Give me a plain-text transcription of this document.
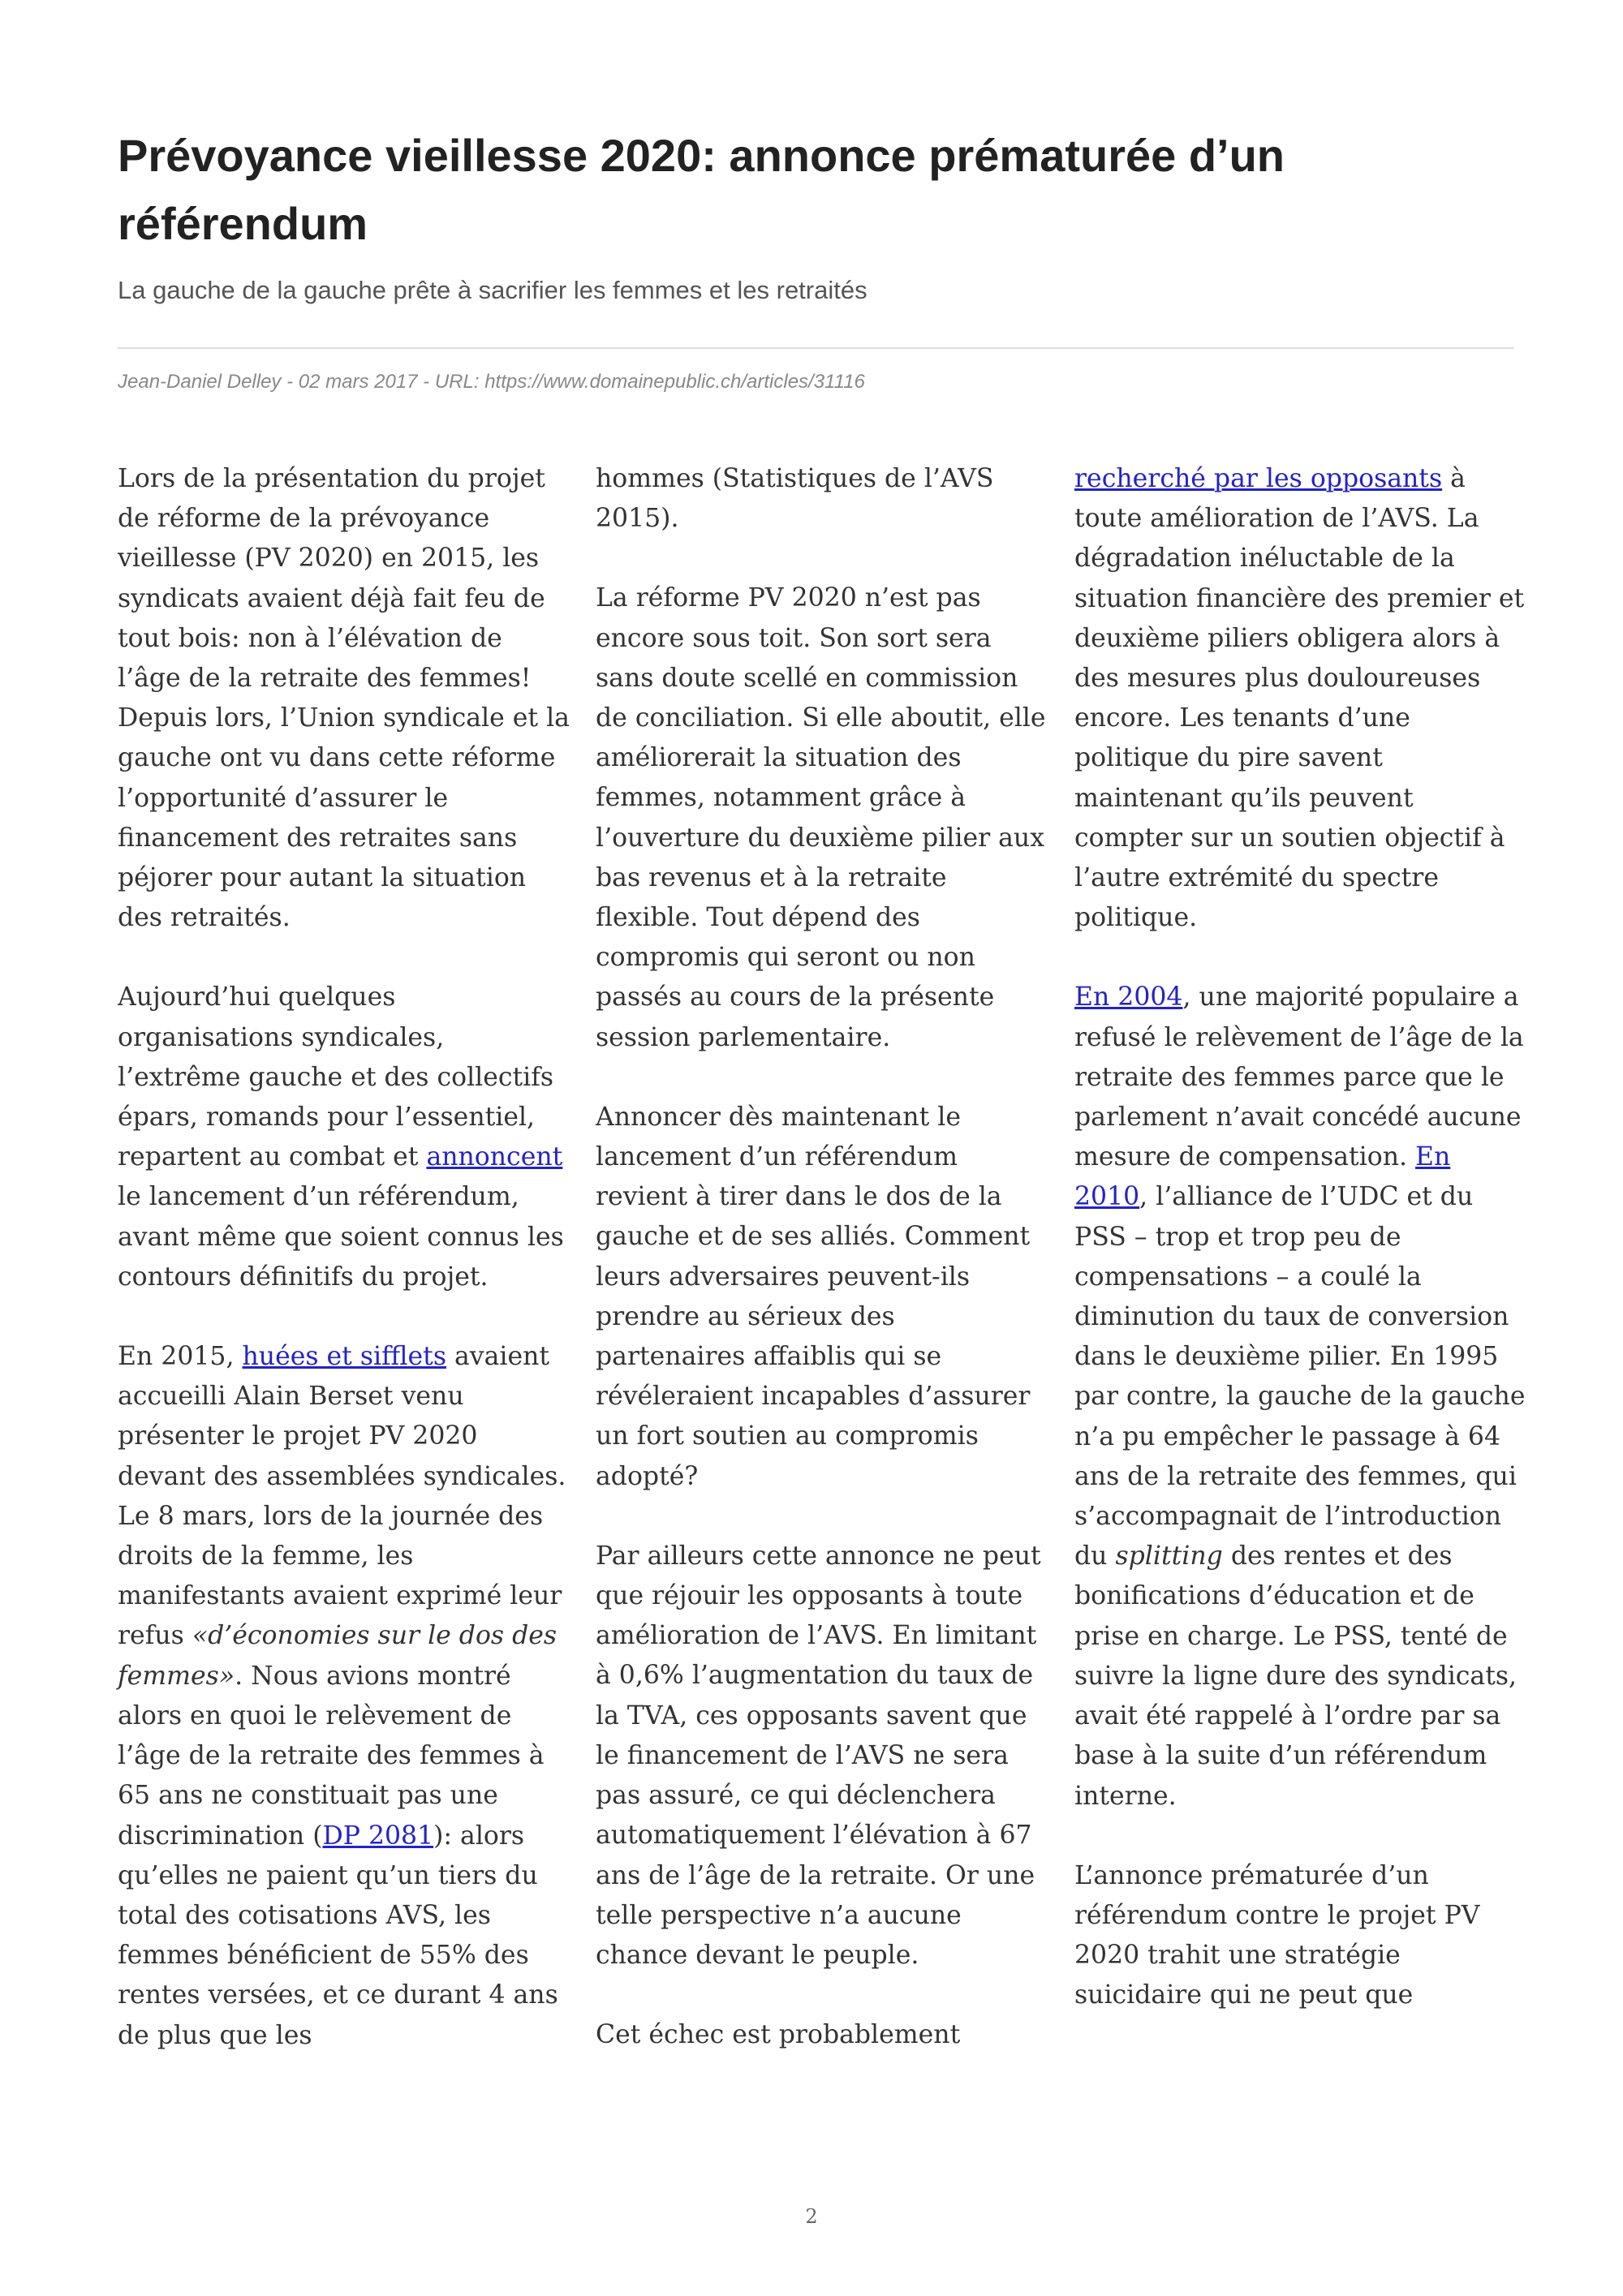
Prévoyance vieillesse 2020: annonce prématurée d’un référendum
La gauche de la gauche prête à sacrifier les femmes et les retraités
Jean-Daniel Delley - 02 mars 2017 - URL: https://www.domainepublic.ch/articles/31116

Lors de la présentation du projet de réforme de la prévoyance vieillesse (PV 2020) en 2015, les syndicats avaient déjà fait feu de tout bois: non à l’élévation de l’âge de la retraite des femmes! Depuis lors, l’Union syndicale et la gauche ont vu dans cette réforme l’opportunité d’assurer le financement des retraites sans péjorer pour autant la situation des retraités.

Aujourd’hui quelques organisations syndicales, l’extrême gauche et des collectifs épars, romands pour l’essentiel, repartent au combat et annoncent le lancement d’un référendum, avant même que soient connus les contours définitifs du projet.

En 2015, huées et sifflets avaient accueilli Alain Berset venu présenter le projet PV 2020 devant des assemblées syndicales. Le 8 mars, lors de la journée des droits de la femme, les manifestants avaient exprimé leur refus «d’économies sur le dos des femmes». Nous avions montré alors en quoi le relèvement de l’âge de la retraite des femmes à 65 ans ne constituait pas une discrimination (DP 2081): alors qu’elles ne paient qu’un tiers du total des cotisations AVS, les femmes bénéficient de 55% des rentes versées, et ce durant 4 ans de plus que les

hommes (Statistiques de l’AVS 2015).

La réforme PV 2020 n’est pas encore sous toit. Son sort sera sans doute scellé en commission de conciliation. Si elle aboutit, elle améliorerait la situation des femmes, notamment grâce à l’ouverture du deuxième pilier aux bas revenus et à la retraite flexible. Tout dépend des compromis qui seront ou non passés au cours de la présente session parlementaire.

Annoncer dès maintenant le lancement d’un référendum revient à tirer dans le dos de la gauche et de ses alliés. Comment leurs adversaires peuvent-ils prendre au sérieux des partenaires affaiblis qui se révéleraient incapables d’assurer un fort soutien au compromis adopté?

Par ailleurs cette annonce ne peut que réjouir les opposants à toute amélioration de l’AVS. En limitant à 0,6% l’augmentation du taux de la TVA, ces opposants savent que le financement de l’AVS ne sera pas assuré, ce qui déclenchera automatiquement l’élévation à 67 ans de l’âge de la retraite. Or une telle perspective n’a aucune chance devant le peuple.

Cet échec est probablement

recherché par les opposants à toute amélioration de l’AVS. La dégradation inéluctable de la situation financière des premier et deuxième piliers obligera alors à des mesures plus douloureuses encore. Les tenants d’une politique du pire savent maintenant qu’ils peuvent compter sur un soutien objectif à l’autre extrémité du spectre politique.

En 2004, une majorité populaire a refusé le relèvement de l’âge de la retraite des femmes parce que le parlement n’avait concédé aucune mesure de compensation. En 2010, l’alliance de l’UDC et du PSS – trop et trop peu de compensations – a coulé la diminution du taux de conversion dans le deuxième pilier. En 1995 par contre, la gauche de la gauche n’a pu empêcher le passage à 64 ans de la retraite des femmes, qui s’accompagnait de l’introduction du splitting des rentes et des bonifications d’éducation et de prise en charge. Le PSS, tenté de suivre la ligne dure des syndicats, avait été rappelé à l’ordre par sa base à la suite d’un référendum interne.

L’annonce prématurée d’un référendum contre le projet PV 2020 trahit une stratégie suicidaire qui ne peut que

2
